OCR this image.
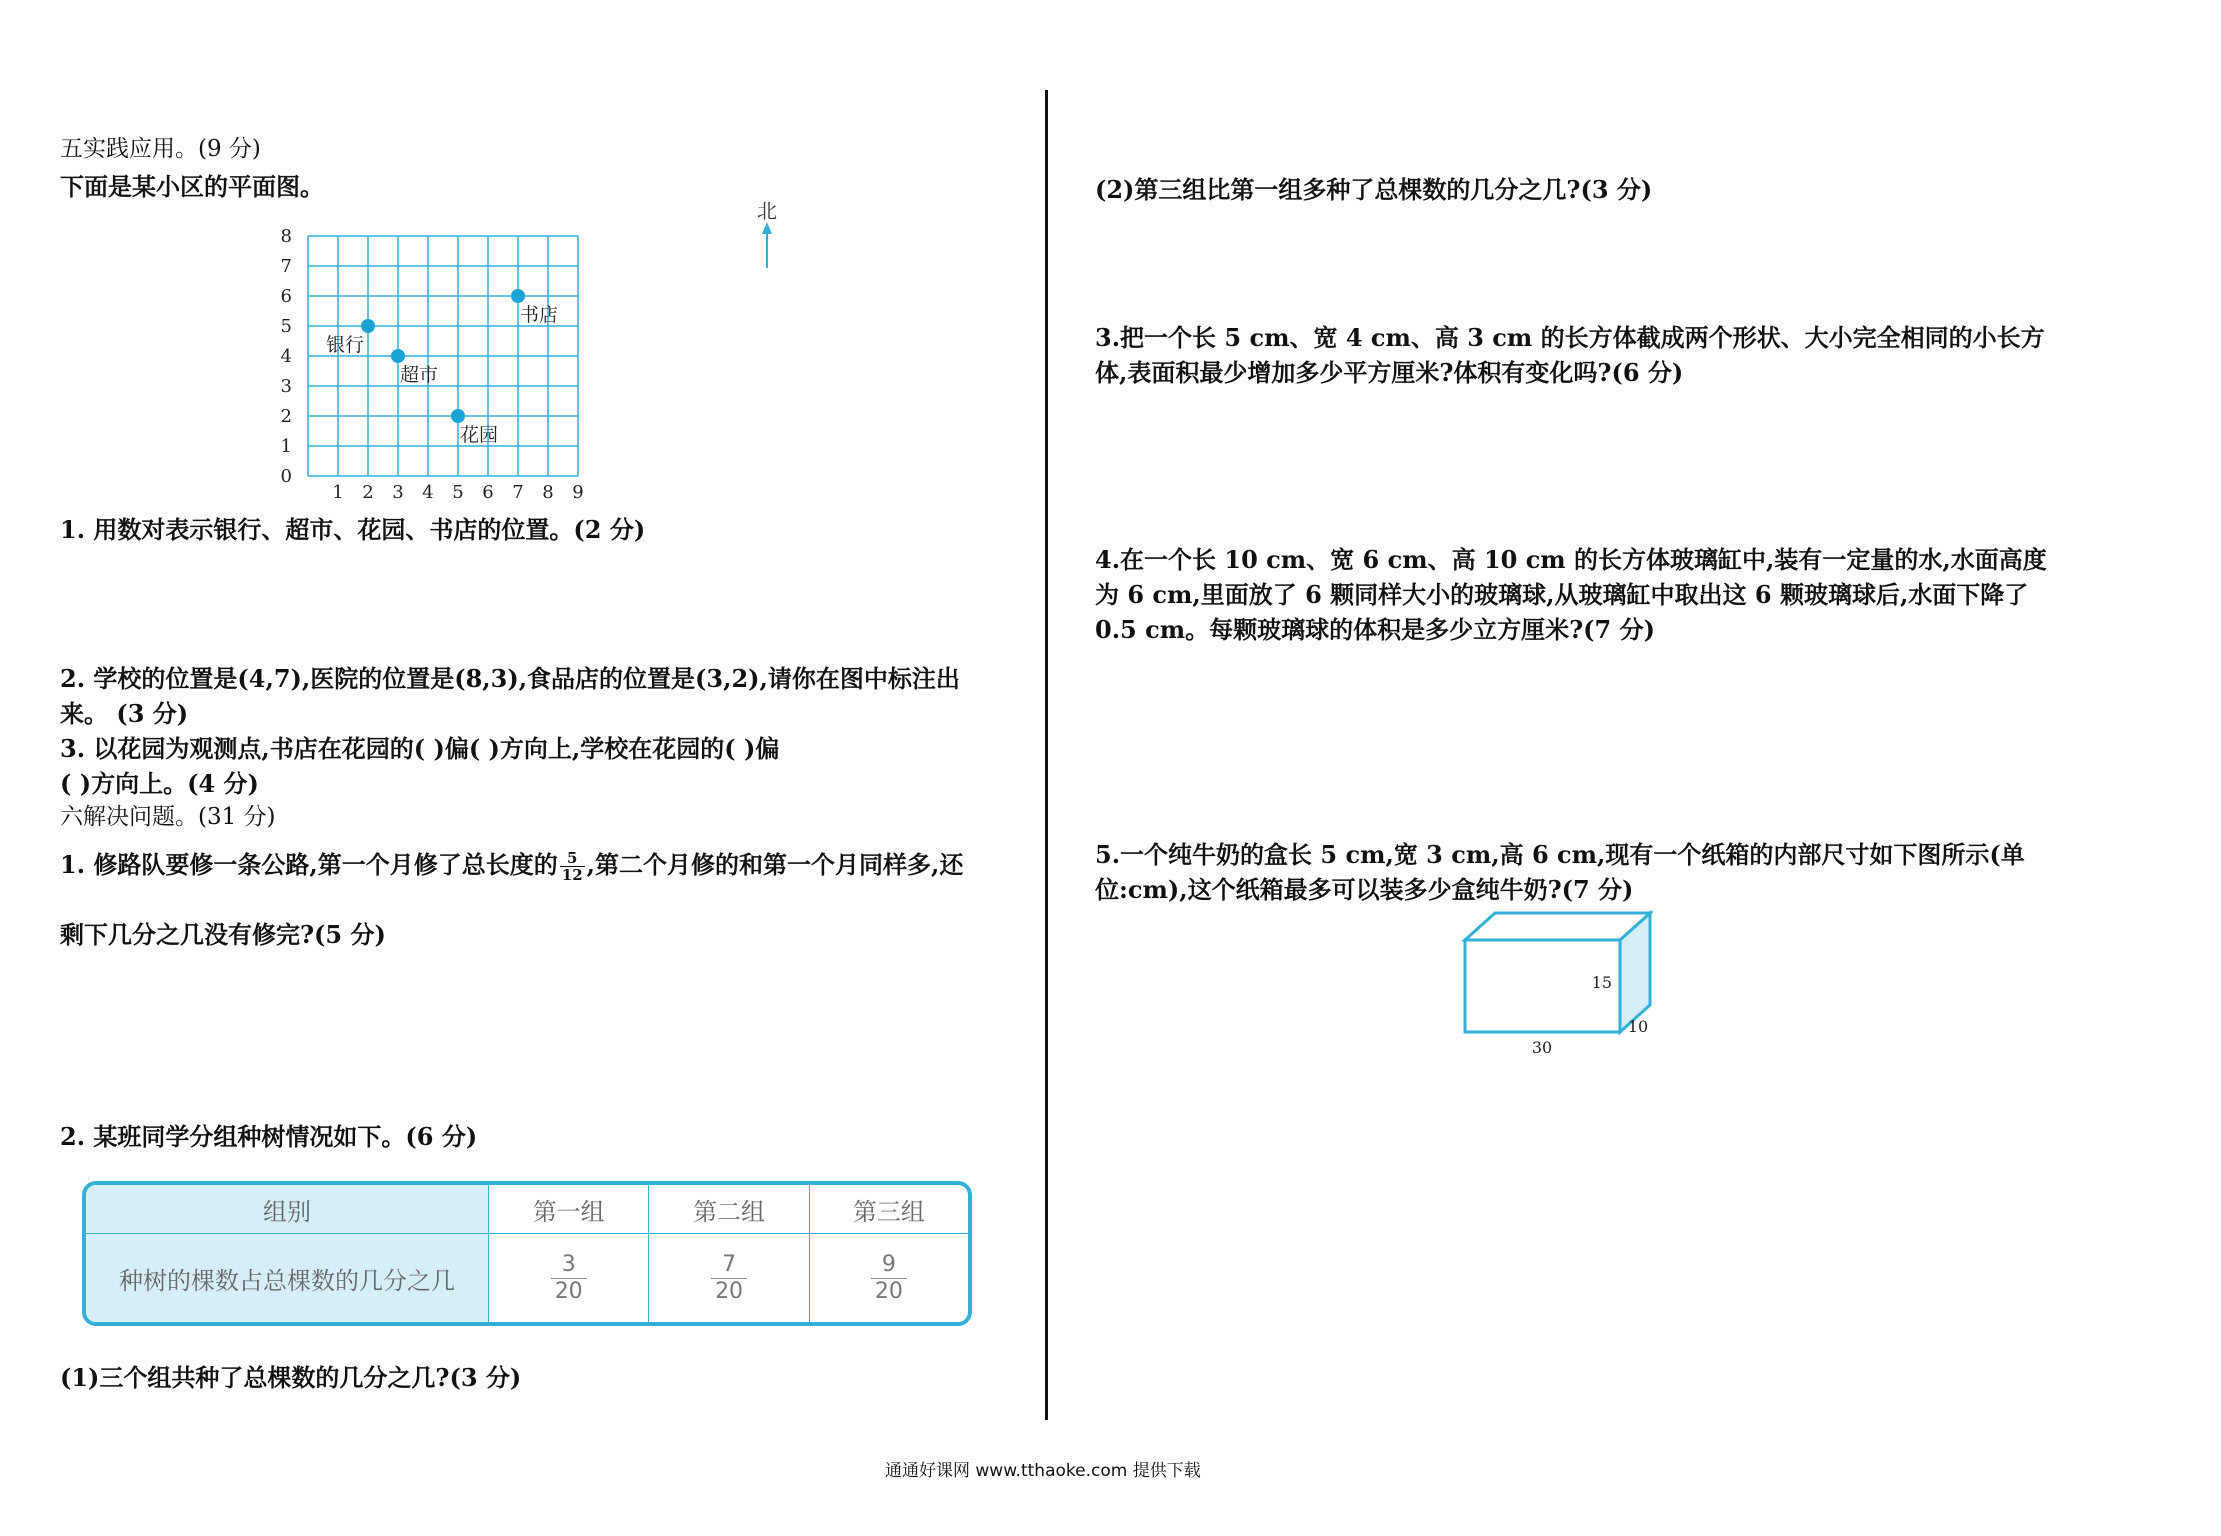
五实践应用。(9 分)
下面是某小区的平面图。
1 2 3 4 5 6 7 8 9
0
1
2
3
4
5
6
7
8
银行
超市
花园
书店
北
1. 用数对表示银行、超市、花园、书店的位置。(2 分)
2. 学校的位置是(4,7),医院的位置是(8,3),食品店的位置是(3,2),请你在图中标注出
来。 (3 分)
3. 以花园为观测点,书店在花园的( )偏( )方向上,学校在花园的( )偏
( )方向上。(4 分)
六解决问题。(31 分)
1. 修路队要修一条公路,第一个月修了总长度的 $\frac{5}{12}$ ,第二个月修的和第一个月同样多,还
剩下几分之几没有修完?(5 分)
2. 某班同学分组种树情况如下。(6 分)
组别	第一组	第二组	第三组
种树的棵数占总棵数的几分之几	$\frac{3}{20}$	$\frac{7}{20}$	$\frac{9}{20}$
(1)三个组共种了总棵数的几分之几?(3 分)
(2)第三组比第一组多种了总棵数的几分之几?(3 分)
3.把一个长 5 cm、宽 4 cm、高 3 cm 的长方体截成两个形状、大小完全相同的小长方
体,表面积最少增加多少平方厘米?体积有变化吗?(6 分)
4.在一个长 10 cm、宽 6 cm、高 10 cm 的长方体玻璃缸中,装有一定量的水,水面高度
为 6 cm,里面放了 6 颗同样大小的玻璃球,从玻璃缸中取出这 6 颗玻璃球后,水面下降了
0.5 cm。每颗玻璃球的体积是多少立方厘米?(7 分)
5.一个纯牛奶的盒长 5 cm,宽 3 cm,高 6 cm,现有一个纸箱的内部尺寸如下图所示(单
位:cm),这个纸箱最多可以装多少盒纯牛奶?(7 分)
15
10
30
通通好课网 www.tthaoke.com 提供下载
